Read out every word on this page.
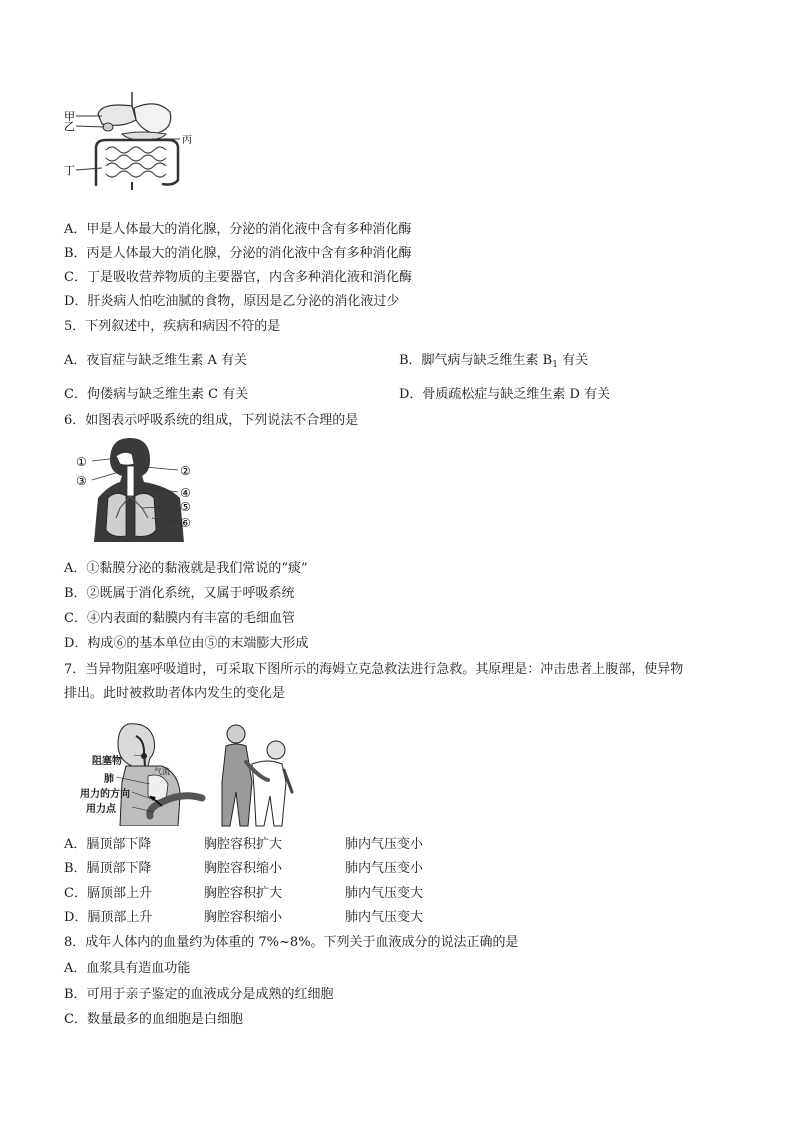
甲
乙
丙
丁
A．甲是人体最大的消化腺，分泌的消化液中含有多种消化酶
B．丙是人体最大的消化腺，分泌的消化液中含有多种消化酶
C．丁是吸收营养物质的主要器官，内含多种消化液和消化酶
D．肝炎病人怕吃油腻的食物，原因是乙分泌的消化液过少
5．下列叙述中，疾病和病因不符的是
A．夜盲症与缺乏维生素 A 有关	B．脚气病与缺乏维生素 $B_1$ 有关
C．佝偻病与缺乏维生素 C 有关	D．骨质疏松症与缺乏维生素 D 有关
6．如图表示呼吸系统的组成，下列说法不合理的是
①
③
②
④
⑤
⑥
A．①黏膜分泌的黏液就是我们常说的“痰”
B．②既属于消化系统，又属于呼吸系统
C．④内表面的黏膜内有丰富的毛细血管
D．构成⑥的基本单位由⑤的末端膨大形成
7．当异物阻塞呼吸道时，可采取下图所示的海姆立克急救法进行急救。其原理是：冲击患者上腹部，使异物
排出。此时被救助者体内发生的变化是
阻塞物
肺
气流
用力的方向
用力点
A．膈顶部下降	胸腔容积扩大	肺内气压变小
B．膈顶部下降	胸腔容积缩小	肺内气压变小
C．膈顶部上升	胸腔容积扩大	肺内气压变大
D．膈顶部上升	胸腔容积缩小	肺内气压变大
8．成年人体内的血量约为体重的 7%~8%。下列关于血液成分的说法正确的是
A．血浆具有造血功能
B．可用于亲子鉴定的血液成分是成熟的红细胞
C．数量最多的血细胞是白细胞
